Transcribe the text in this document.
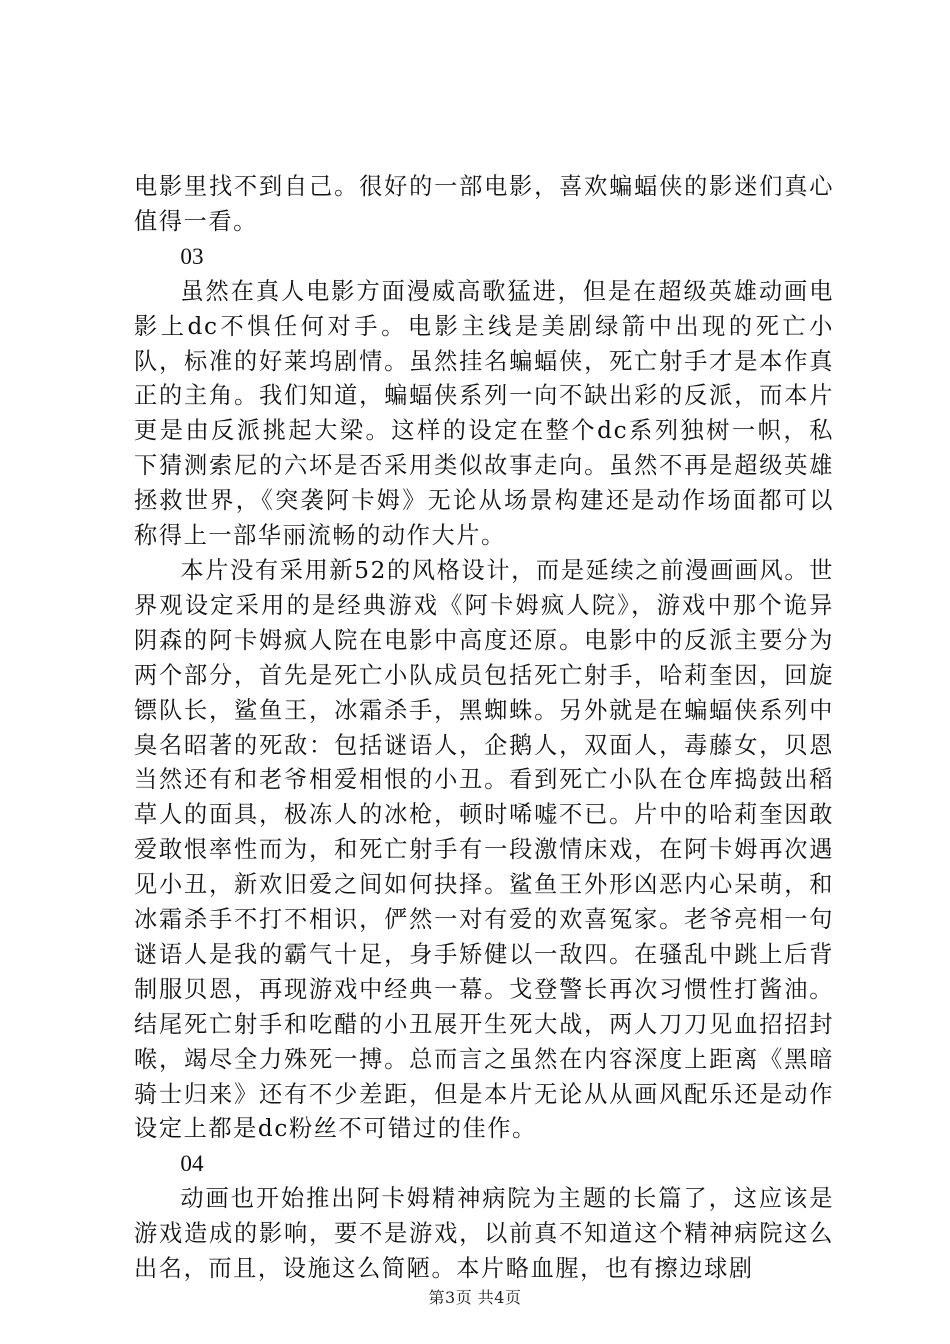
电影里找不到自己。很好的一部电影，喜欢蝙蝠侠的影迷们真心值得一看。

03

虽然在真人电影方面漫威高歌猛进，但是在超级英雄动画电影上dc不惧任何对手。电影主线是美剧绿箭中出现的死亡小队，标准的好莱坞剧情。虽然挂名蝙蝠侠，死亡射手才是本作真正的主角。我们知道，蝙蝠侠系列一向不缺出彩的反派，而本片更是由反派挑起大梁。这样的设定在整个dc系列独树一帜，私下猜测索尼的六坏是否采用类似故事走向。虽然不再是超级英雄拯救世界，《突袭阿卡姆》无论从场景构建还是动作场面都可以称得上一部华丽流畅的动作大片。

本片没有采用新52的风格设计，而是延续之前漫画画风。世界观设定采用的是经典游戏《阿卡姆疯人院》，游戏中那个诡异阴森的阿卡姆疯人院在电影中高度还原。电影中的反派主要分为两个部分，首先是死亡小队成员包括死亡射手，哈莉奎因，回旋镖队长，鲨鱼王，冰霜杀手，黑蜘蛛。另外就是在蝙蝠侠系列中臭名昭著的死敌：包括谜语人，企鹅人，双面人，毒藤女，贝恩当然还有和老爷相爱相恨的小丑。看到死亡小队在仓库捣鼓出稻草人的面具，极冻人的冰枪，顿时唏嘘不已。片中的哈莉奎因敢爱敢恨率性而为，和死亡射手有一段激情床戏，在阿卡姆再次遇见小丑，新欢旧爱之间如何抉择。鲨鱼王外形凶恶内心呆萌，和冰霜杀手不打不相识，俨然一对有爱的欢喜冤家。老爷亮相一句谜语人是我的霸气十足，身手矫健以一敌四。在骚乱中跳上后背制服贝恩，再现游戏中经典一幕。戈登警长再次习惯性打酱油。结尾死亡射手和吃醋的小丑展开生死大战，两人刀刀见血招招封喉，竭尽全力殊死一搏。总而言之虽然在内容深度上距离《黑暗骑士归来》还有不少差距，但是本片无论从从画风配乐还是动作设定上都是dc粉丝不可错过的佳作。

04

动画也开始推出阿卡姆精神病院为主题的长篇了，这应该是游戏造成的影响，要不是游戏，以前真不知道这个精神病院这么出名，而且，设施这么简陋。本片略血腥，也有擦边球剧

第3页 共4页
